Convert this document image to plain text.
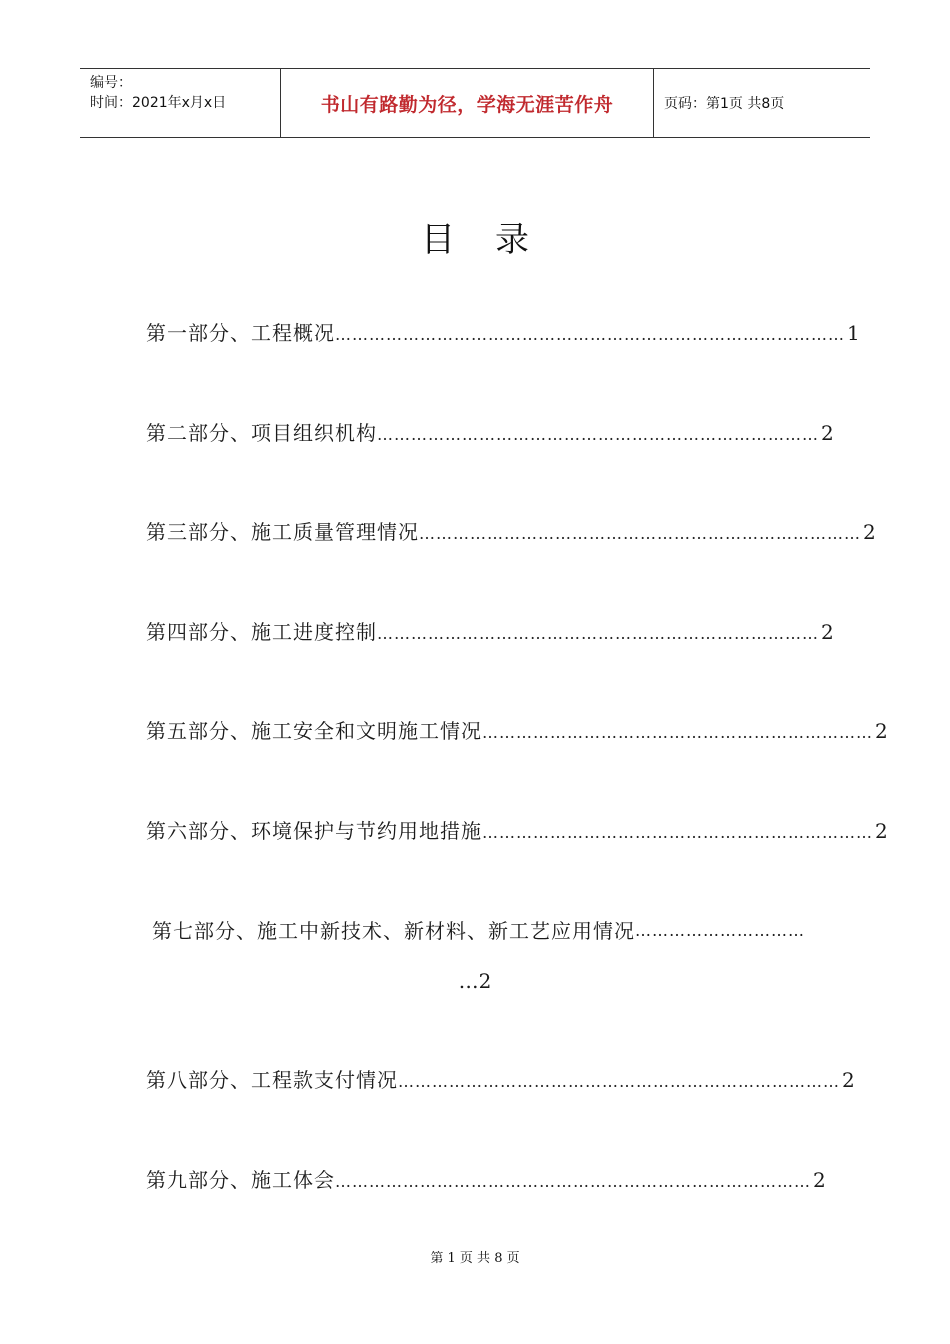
编号：
时间：2021年x月x日	书山有路勤为径，学海无涯苦作舟	页码：第1页 共8页
目录
第一部分、工程概况 ……………………………………………………………………………… 1
第二部分、项目组织机构 …………………………………………………………………… 2
第三部分、施工质量管理情况 …………………………………………………………………… 2
第四部分、施工进度控制 …………………………………………………………………… 2
第五部分、施工安全和文明施工情况 …………………………………………………………… 2
第六部分、环境保护与节约用地措施 …………………………………………………………… 2
第七部分、施工中新技术、新材料、新工艺应用情况 …………………………
…2
第八部分、工程款支付情况 …………………………………………………………………… 2
第九部分、施工体会 ………………………………………………………………………… 2
第 1 页 共 8 页
